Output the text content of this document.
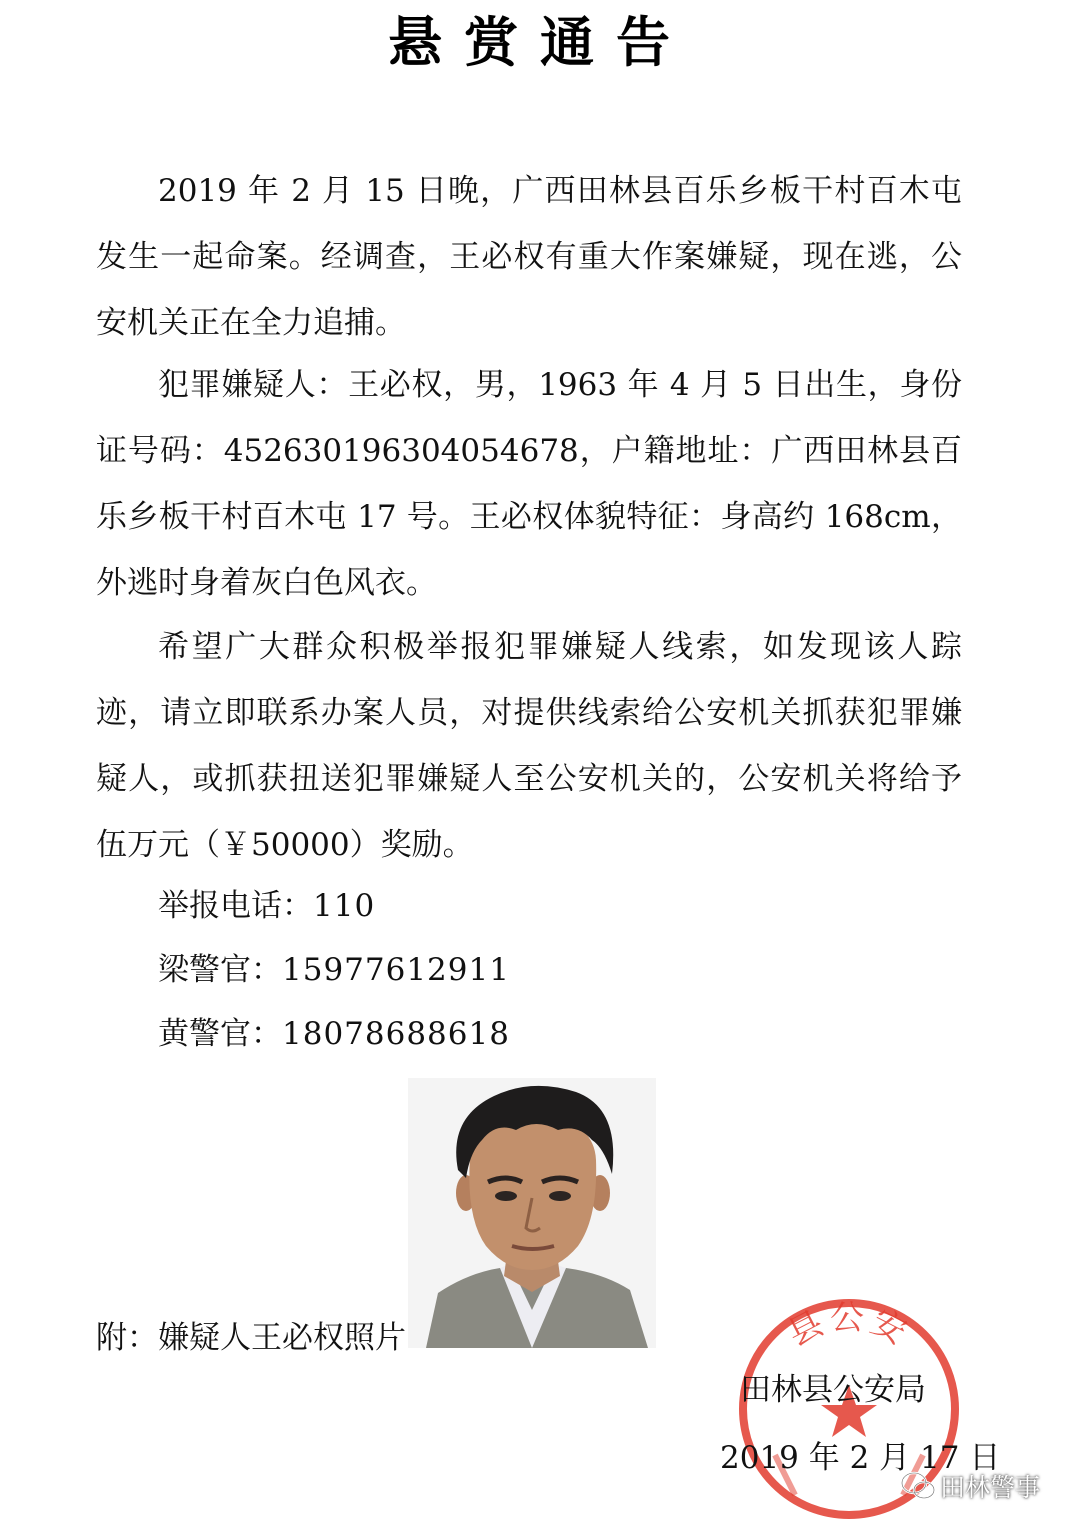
悬赏通告

2019 年 2 月 15 日晚，广西田林县百乐乡板干村百木屯发生一起命案。经调查，王必权有重大作案嫌疑，现在逃，公安机关正在全力追捕。

犯罪嫌疑人：王必权，男，1963 年 4 月 5 日出生，身份证号码：452630196304054678，户籍地址：广西田林县百乐乡板干村百木屯 17 号。王必权体貌特征：身高约 168cm，外逃时身着灰白色风衣。

希望广大群众积极举报犯罪嫌疑人线索，如发现该人踪迹，请立即联系办案人员，对提供线索给公安机关抓获犯罪嫌疑人，或抓获扭送犯罪嫌疑人至公安机关的，公安机关将给予伍万元（￥50000）奖励。

举报电话：110
梁警官：15977612911
黄警官：18078688618
附：嫌疑人王必权照片	县公安
田林县公安局
2019 年 2 月 17 日
田林警事
